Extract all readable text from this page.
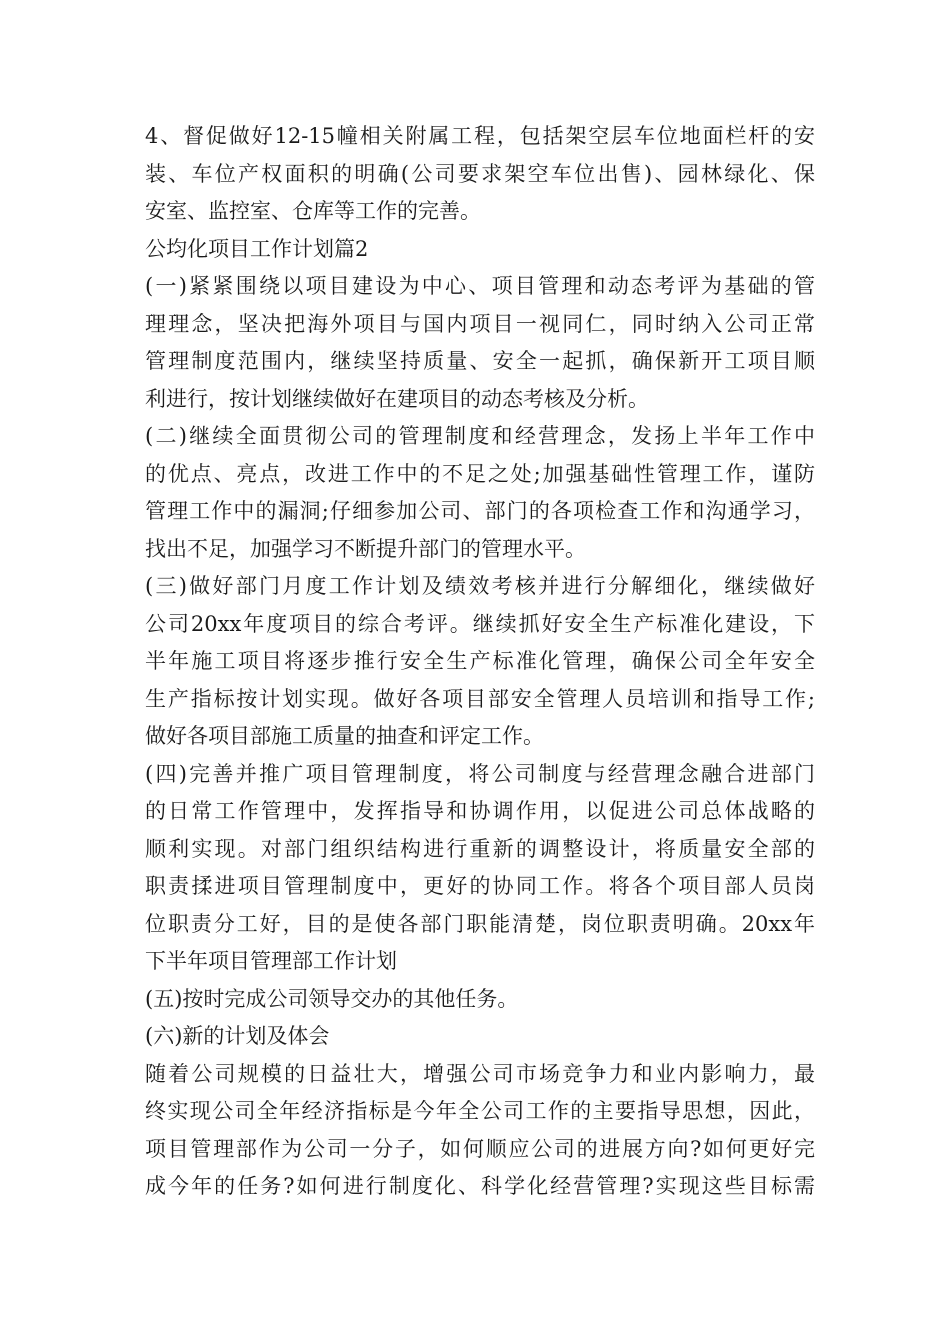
4、督促做好12-15幢相关附属工程，包括架空层车位地面栏杆的安
装、车位产权面积的明确(公司要求架空车位出售)、园林绿化、保
安室、监控室、仓库等工作的完善。

公均化项目工作计划篇2

(一)紧紧围绕以项目建设为中心、项目管理和动态考评为基础的管
理理念，坚决把海外项目与国内项目一视同仁，同时纳入公司正常
管理制度范围内，继续坚持质量、安全一起抓，确保新开工项目顺
利进行，按计划继续做好在建项目的动态考核及分析。

(二)继续全面贯彻公司的管理制度和经营理念，发扬上半年工作中
的优点、亮点，改进工作中的不足之处;加强基础性管理工作，谨防
管理工作中的漏洞;仔细参加公司、部门的各项检查工作和沟通学习，
找出不足，加强学习不断提升部门的管理水平。

(三)做好部门月度工作计划及绩效考核并进行分解细化，继续做好
公司20xx年度项目的综合考评。继续抓好安全生产标准化建设，下
半年施工项目将逐步推行安全生产标准化管理，确保公司全年安全
生产指标按计划实现。做好各项目部安全管理人员培训和指导工作;
做好各项目部施工质量的抽查和评定工作。

(四)完善并推广项目管理制度，将公司制度与经营理念融合进部门
的日常工作管理中，发挥指导和协调作用，以促进公司总体战略的
顺利实现。对部门组织结构进行重新的调整设计，将质量安全部的
职责揉进项目管理制度中，更好的协同工作。将各个项目部人员岗
位职责分工好，目的是使各部门职能清楚，岗位职责明确。20xx年
下半年项目管理部工作计划

(五)按时完成公司领导交办的其他任务。

(六)新的计划及体会

随着公司规模的日益壮大，增强公司市场竞争力和业内影响力，最
终实现公司全年经济指标是今年全公司工作的主要指导思想，因此，
项目管理部作为公司一分子，如何顺应公司的进展方向?如何更好完
成今年的任务?如何进行制度化、科学化经营管理?实现这些目标需
